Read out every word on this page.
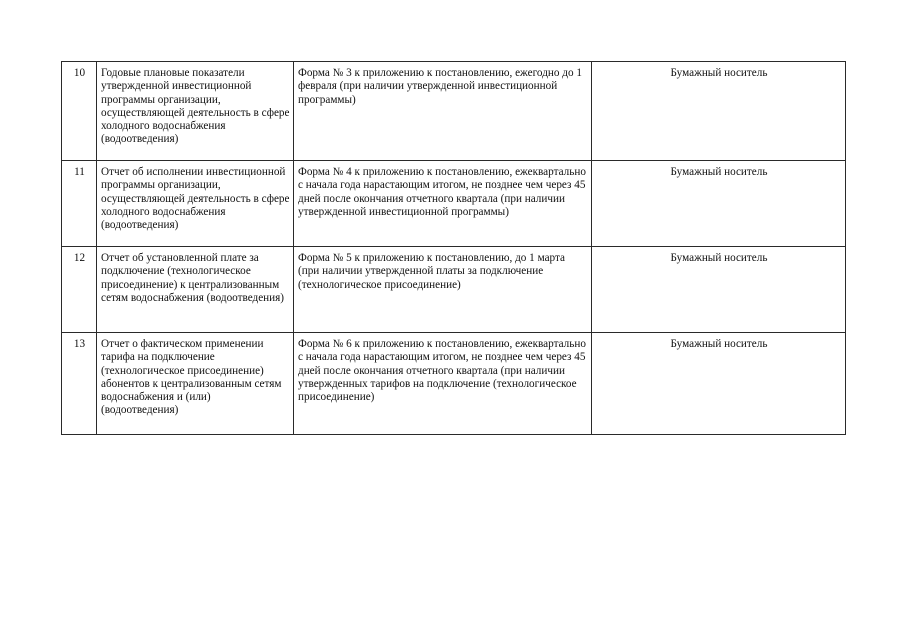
10	Годовые плановые показатели утвержденной инвестиционной программы организации, осуществляющей деятельность в сфере холодного водоснабжения (водоотведения)	Форма № 3 к приложению к постановлению, ежегодно до 1 февраля (при наличии утвержденной инвестиционной программы)	Бумажный носитель
11	Отчет об исполнении инвестиционной программы организации, осуществляющей деятельность в сфере холодного водоснабжения (водоотведения)	Форма № 4 к приложению к постановлению, ежеквартально с начала года нарастающим итогом, не позднее чем через 45 дней после окончания отчетного квартала (при наличии утвержденной инвестиционной программы)	Бумажный носитель
12	Отчет об установленной плате за подключение (технологическое присоединение) к централизованным сетям водоснабжения (водоотведения)	Форма № 5 к приложению к постановлению, до 1 марта (при наличии утвержденной платы за подключение (технологическое присоединение)	Бумажный носитель
13	Отчет о фактическом применении тарифа на подключение (технологическое присоединение) абонентов к централизованным сетям водоснабжения и (или) (водоотведения)	Форма № 6 к приложению к постановлению, ежеквартально с начала года нарастающим итогом, не позднее чем через 45 дней после окончания отчетного квартала (при наличии утвержденных тарифов на подключение (технологическое присоединение)	Бумажный носитель
